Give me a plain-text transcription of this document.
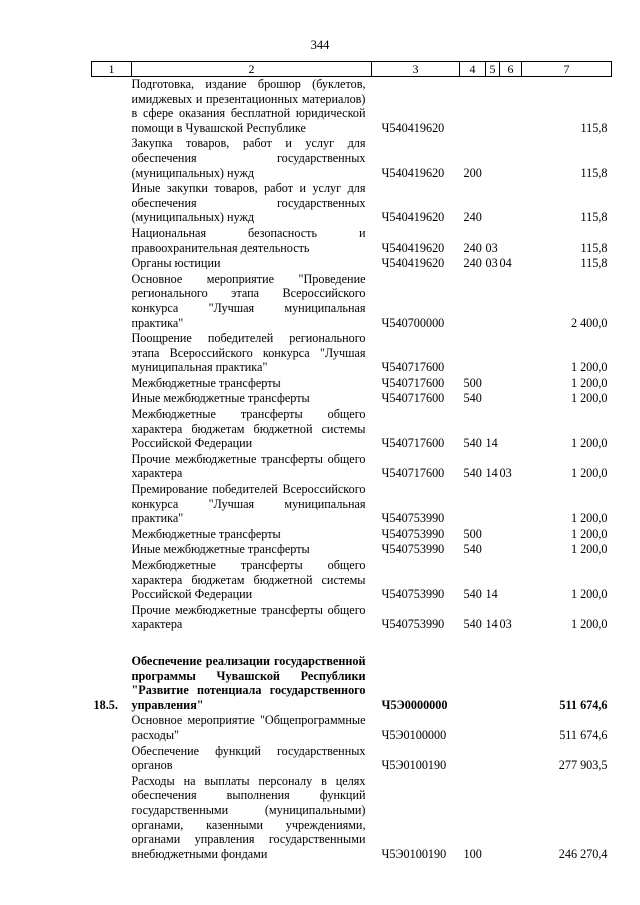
344
1	2	3	4	5	6	7
	Подготовка, издание брошюр (буклетов, имиджевых и презентационных материалов) в сфере оказания бесплатной юридической помощи в Чувашской Республике	Ч540419620				115,8
	Закупка товаров, работ и услуг для обеспечения государственных (муниципальных) нужд	Ч540419620	200			115,8
	Иные закупки товаров, работ и услуг для обеспечения государственных (муниципальных) нужд	Ч540419620	240			115,8
	Национальная безопасность и правоохранительная деятельность	Ч540419620	240	03		115,8
	Органы юстиции	Ч540419620	240	03	04	115,8
	Основное мероприятие "Проведение регионального этапа Всероссийского конкурса "Лучшая муниципальная практика"	Ч540700000				2 400,0
	Поощрение победителей регионального этапа Всероссийского конкурса "Лучшая муниципальная практика"	Ч540717600				1 200,0
	Межбюджетные трансферты	Ч540717600	500			1 200,0
	Иные межбюджетные трансферты	Ч540717600	540			1 200,0
	Межбюджетные трансферты общего характера бюджетам бюджетной системы Российской Федерации	Ч540717600	540	14		1 200,0
	Прочие межбюджетные трансферты общего характера	Ч540717600	540	14	03	1 200,0
	Премирование победителей Всероссийского конкурса "Лучшая муниципальная практика"	Ч540753990				1 200,0
	Межбюджетные трансферты	Ч540753990	500			1 200,0
	Иные межбюджетные трансферты	Ч540753990	540			1 200,0
	Межбюджетные трансферты общего характера бюджетам бюджетной системы Российской Федерации	Ч540753990	540	14		1 200,0
	Прочие межбюджетные трансферты общего характера	Ч540753990	540	14	03	1 200,0

18.5.	Обеспечение реализации государственной программы Чувашской Республики "Развитие потенциала государственного управления"	Ч5Э0000000				511 674,6
	Основное мероприятие "Общепрограммные расходы"	Ч5Э0100000				511 674,6
	Обеспечение функций государственных органов	Ч5Э0100190				277 903,5
	Расходы на выплаты персоналу в целях обеспечения выполнения функций государственными (муниципальными) органами, казенными учреждениями, органами управления государственными внебюджетными фондами	Ч5Э0100190	100			246 270,4
